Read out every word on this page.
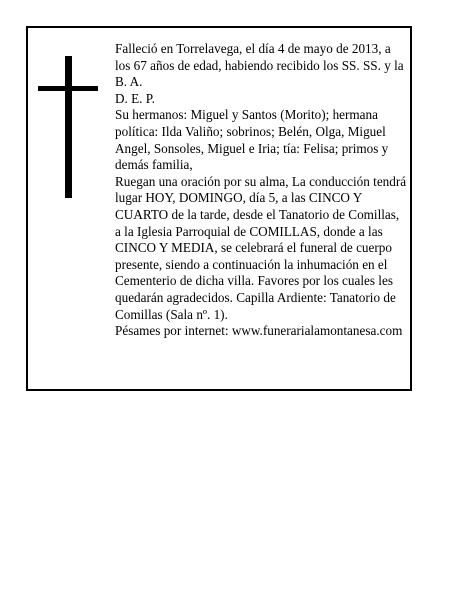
Falleció en Torrelavega, el día 4 de mayo de 2013, a los 67 años de edad, habiendo recibido los SS. SS. y la B. A.

D. E. P.

Su hermanos: Miguel y Santos (Morito); hermana política: Ilda Valiño; sobrinos; Belén, Olga, Miguel Angel, Sonsoles, Miguel e Iria; tía: Felisa; primos y demás familia,

Ruegan una oración por su alma, La conducción tendrá lugar HOY, DOMINGO, día 5, a las CINCO Y CUARTO de la tarde, desde el Tanatorio de Comillas, a la Iglesia Parroquial de COMILLAS, donde a las CINCO Y MEDIA, se celebrará el funeral de cuerpo presente, siendo a continuación la inhumación en el Cementerio de dicha villa. Favores por los cuales les quedarán agradecidos. Capilla Ardiente: Tanatorio de Comillas (Sala nº. 1).

Pésames por internet: www.funerarialamontanesa.com
